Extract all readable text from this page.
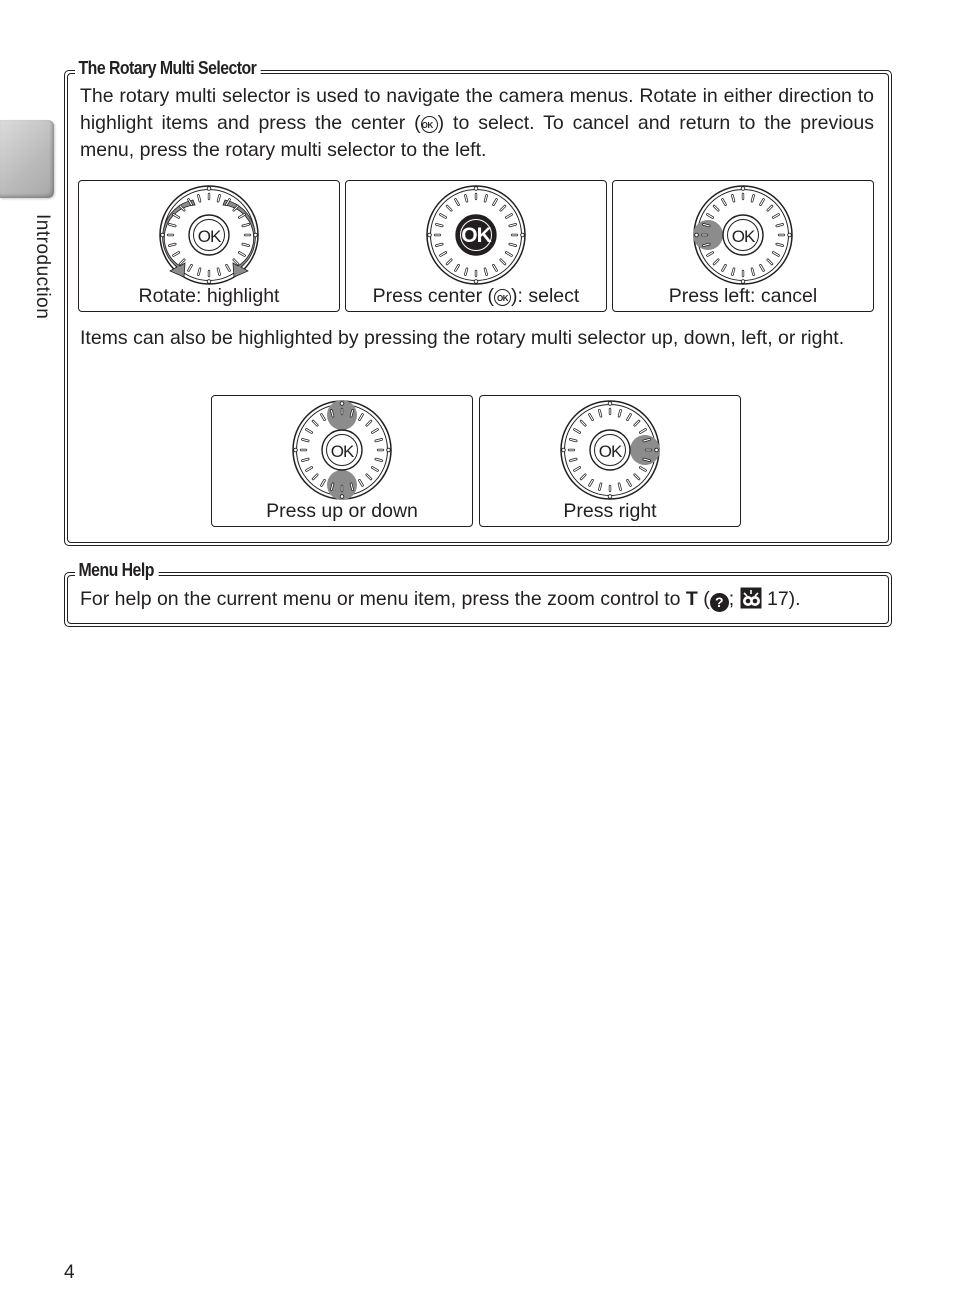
Introduction
The Rotary Multi Selector
The rotary multi selector is used to navigate the camera menus. Rotate in either direction to highlight items and press the center (OK ) to select. To cancel and return to the previous menu, press the rotary multi selector to the left.
OK
Rotate: highlight
OK
Press center ( OK ): select
OK
Press left: cancel
Items can also be highlighted by pressing the rotary multi selector up, down, left, or right.
OK
Press up or down
OK
Press right
Menu Help
For help on the current menu or menu item, press the zoom control to T ( ? ;  17).
4
